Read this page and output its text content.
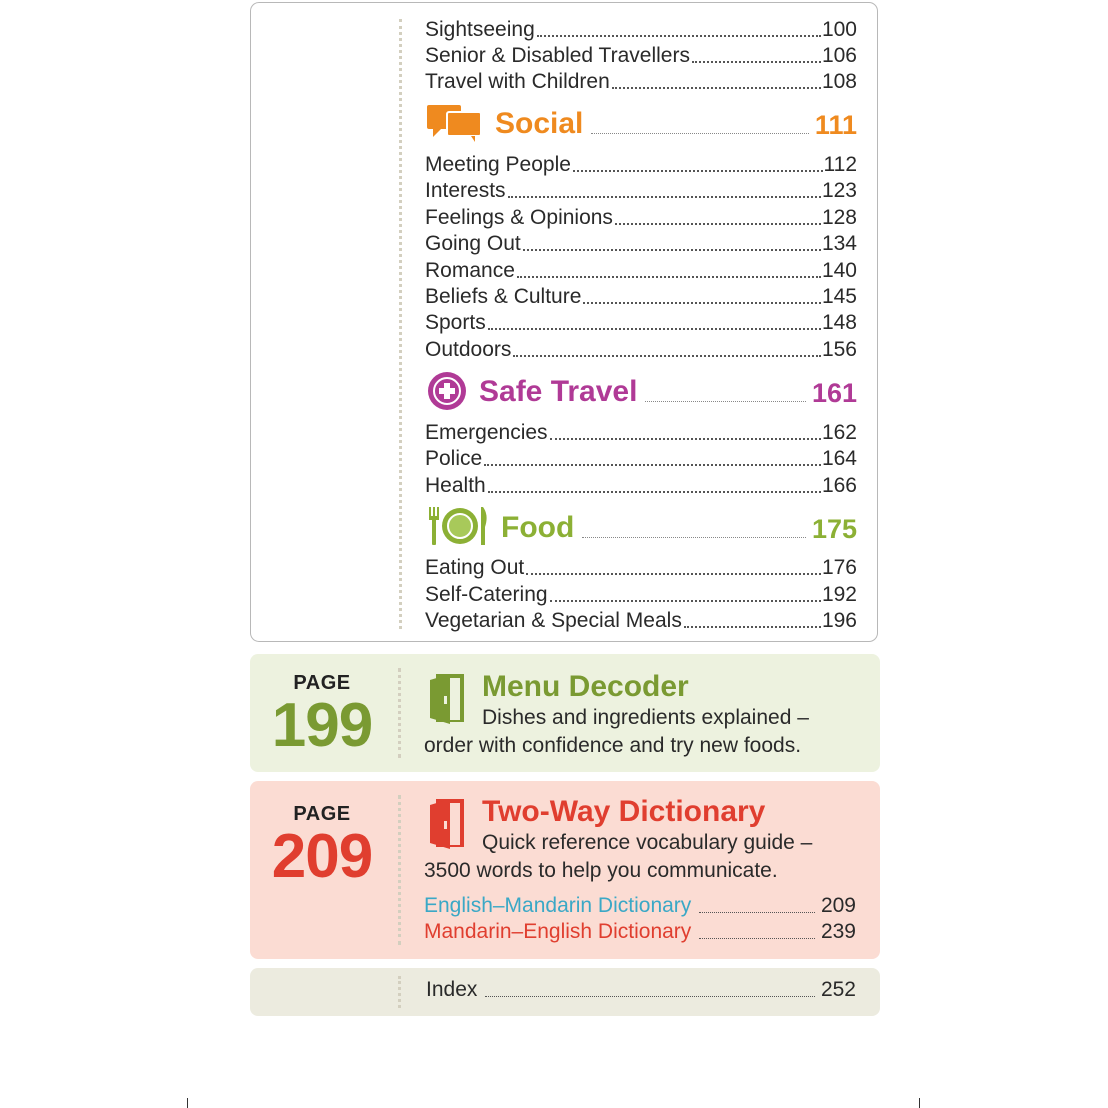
Sightseeing	100
Senior & Disabled Travellers	106
Travel with Children	108
Social	111
Meeting People	112
Interests	123
Feelings & Opinions	128
Going Out	134
Romance	140
Beliefs & Culture	145
Sports	148
Outdoors	156
Safe Travel	161
Emergencies	162
Police	164
Health	166
Food	175
Eating Out	176
Self-Catering	192
Vegetarian & Special Meals	196
PAGE
199
Menu Decoder
Dishes and ingredients explained –
order with confidence and try new foods.
PAGE
209
Two-Way Dictionary
Quick reference vocabulary guide –
3500 words to help you communicate.
English–Mandarin Dictionary	209
Mandarin–English Dictionary	239
Index	252
